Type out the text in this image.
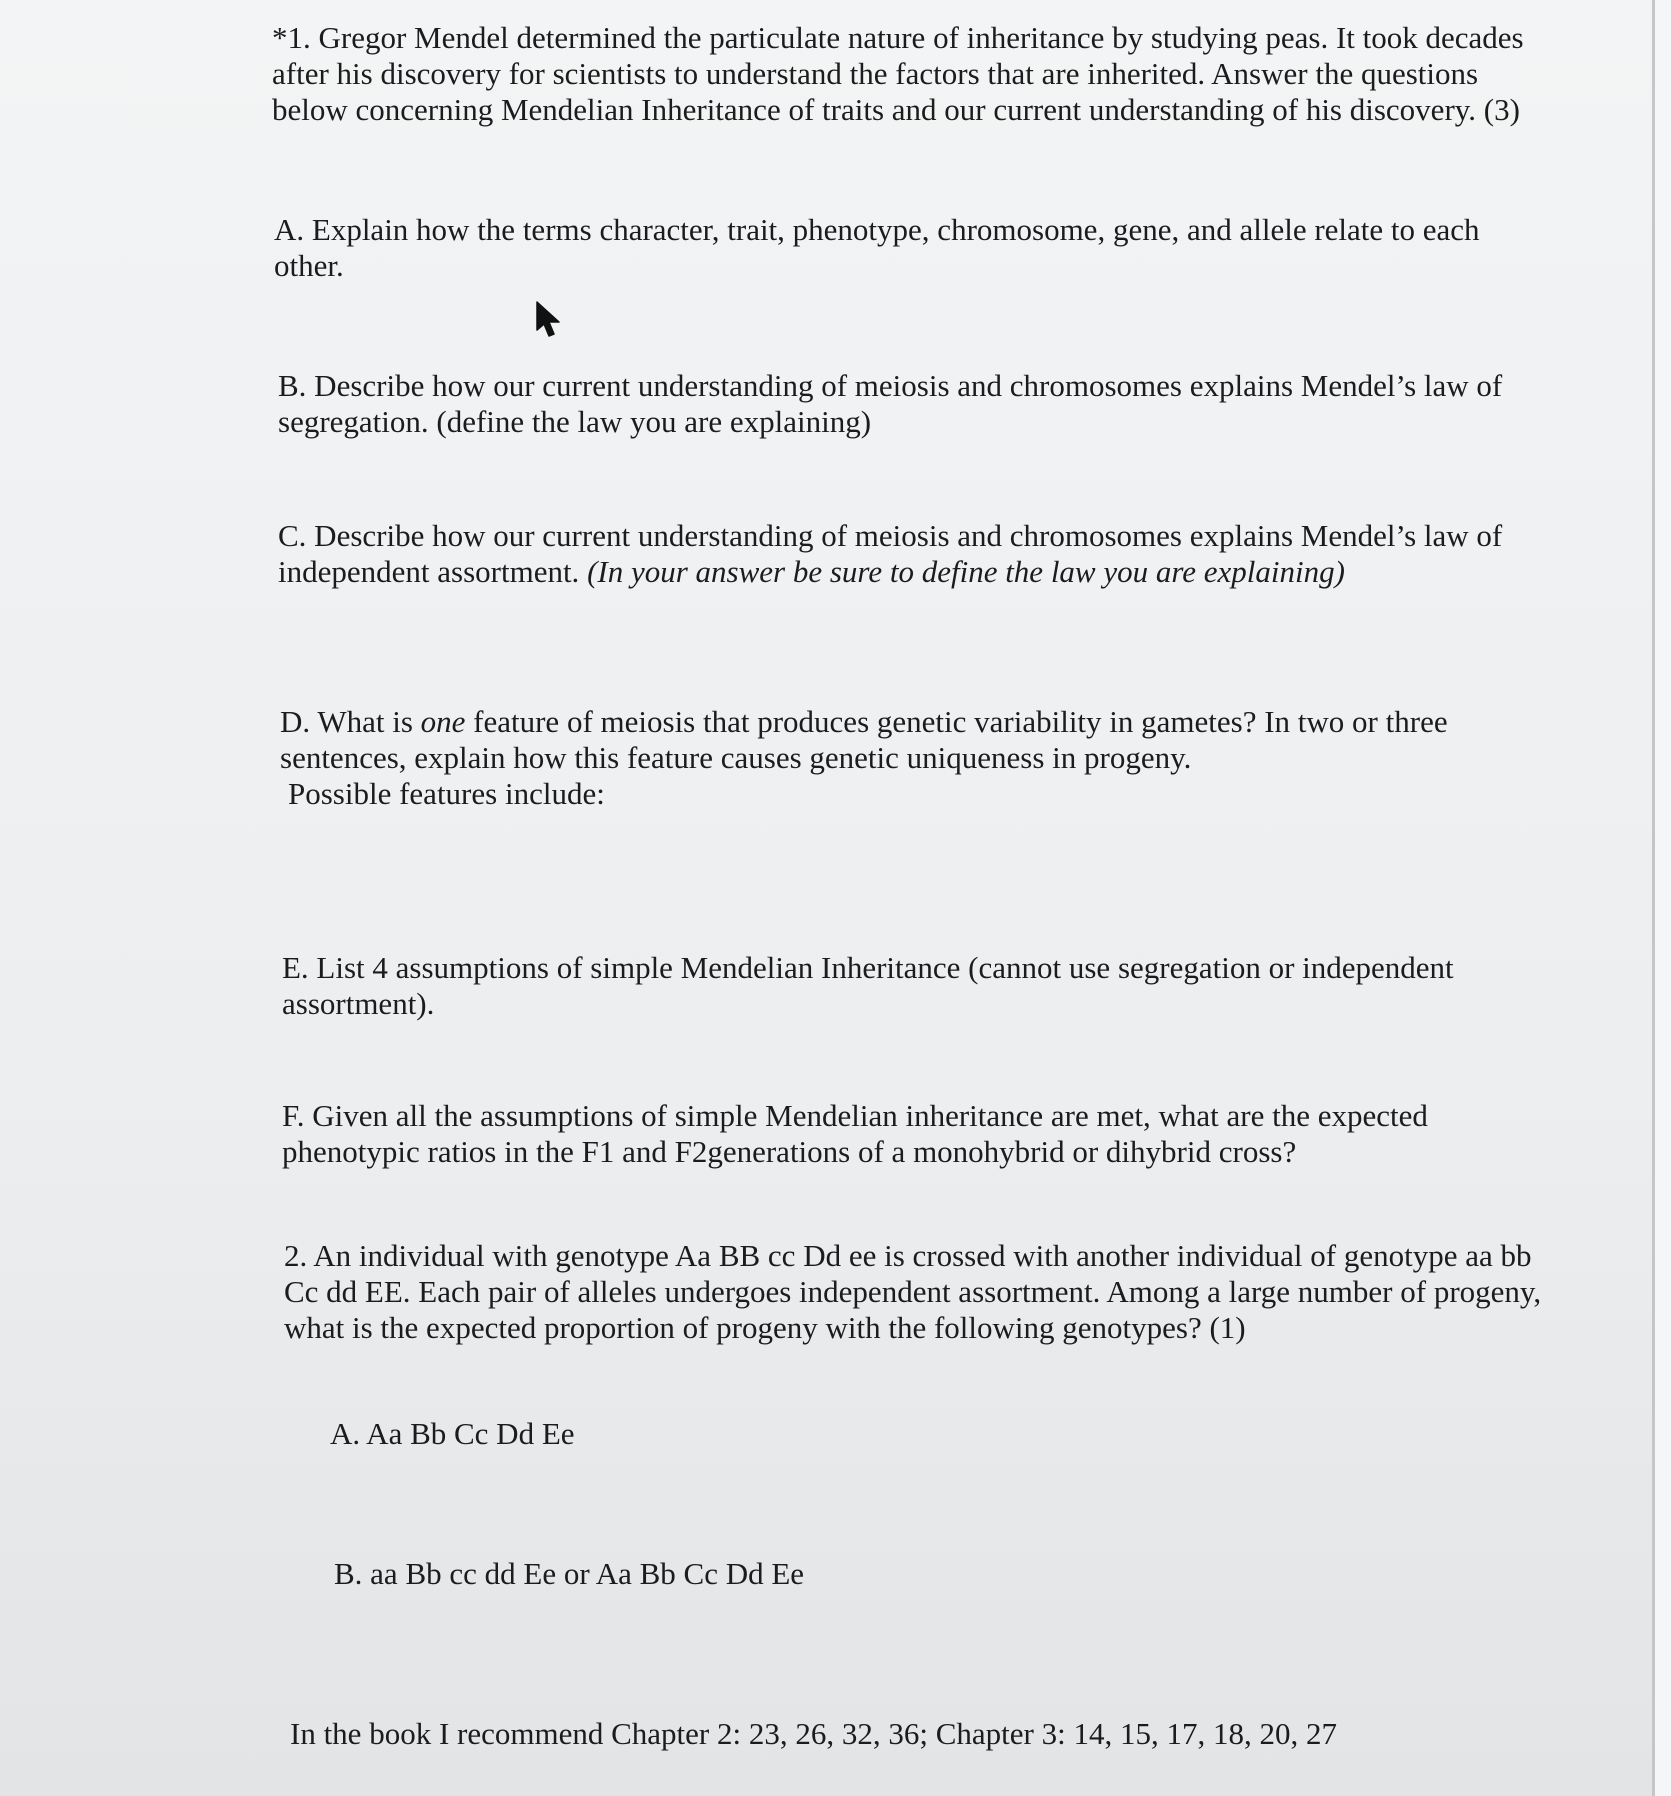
*1. Gregor Mendel determined the particulate nature of inheritance by studying peas. It took decades after his discovery for scientists to understand the factors that are inherited. Answer the questions below concerning Mendelian Inheritance of traits and our current understanding of his discovery. (3)

A. Explain how the terms character, trait, phenotype, chromosome, gene, and allele relate to each other.

B. Describe how our current understanding of meiosis and chromosomes explains Mendel’s law of segregation. (define the law you are explaining)

C. Describe how our current understanding of meiosis and chromosomes explains Mendel’s law of independent assortment. (In your answer be sure to define the law you are explaining)

D. What is one feature of meiosis that produces genetic variability in gametes? In two or three sentences, explain how this feature causes genetic uniqueness in progeny.

Possible features include:

E. List 4 assumptions of simple Mendelian Inheritance (cannot use segregation or independent assortment).

F. Given all the assumptions of simple Mendelian inheritance are met, what are the expected phenotypic ratios in the F1 and F2generations of a monohybrid or dihybrid cross?

2. An individual with genotype Aa BB cc Dd ee is crossed with another individual of genotype aa bb Cc dd EE. Each pair of alleles undergoes independent assortment. Among a large number of progeny, what is the expected proportion of progeny with the following genotypes? (1)

A. Aa Bb Cc Dd Ee

B. aa Bb cc dd Ee or Aa Bb Cc Dd Ee

In the book I recommend Chapter 2: 23, 26, 32, 36; Chapter 3: 14, 15, 17, 18, 20, 27
